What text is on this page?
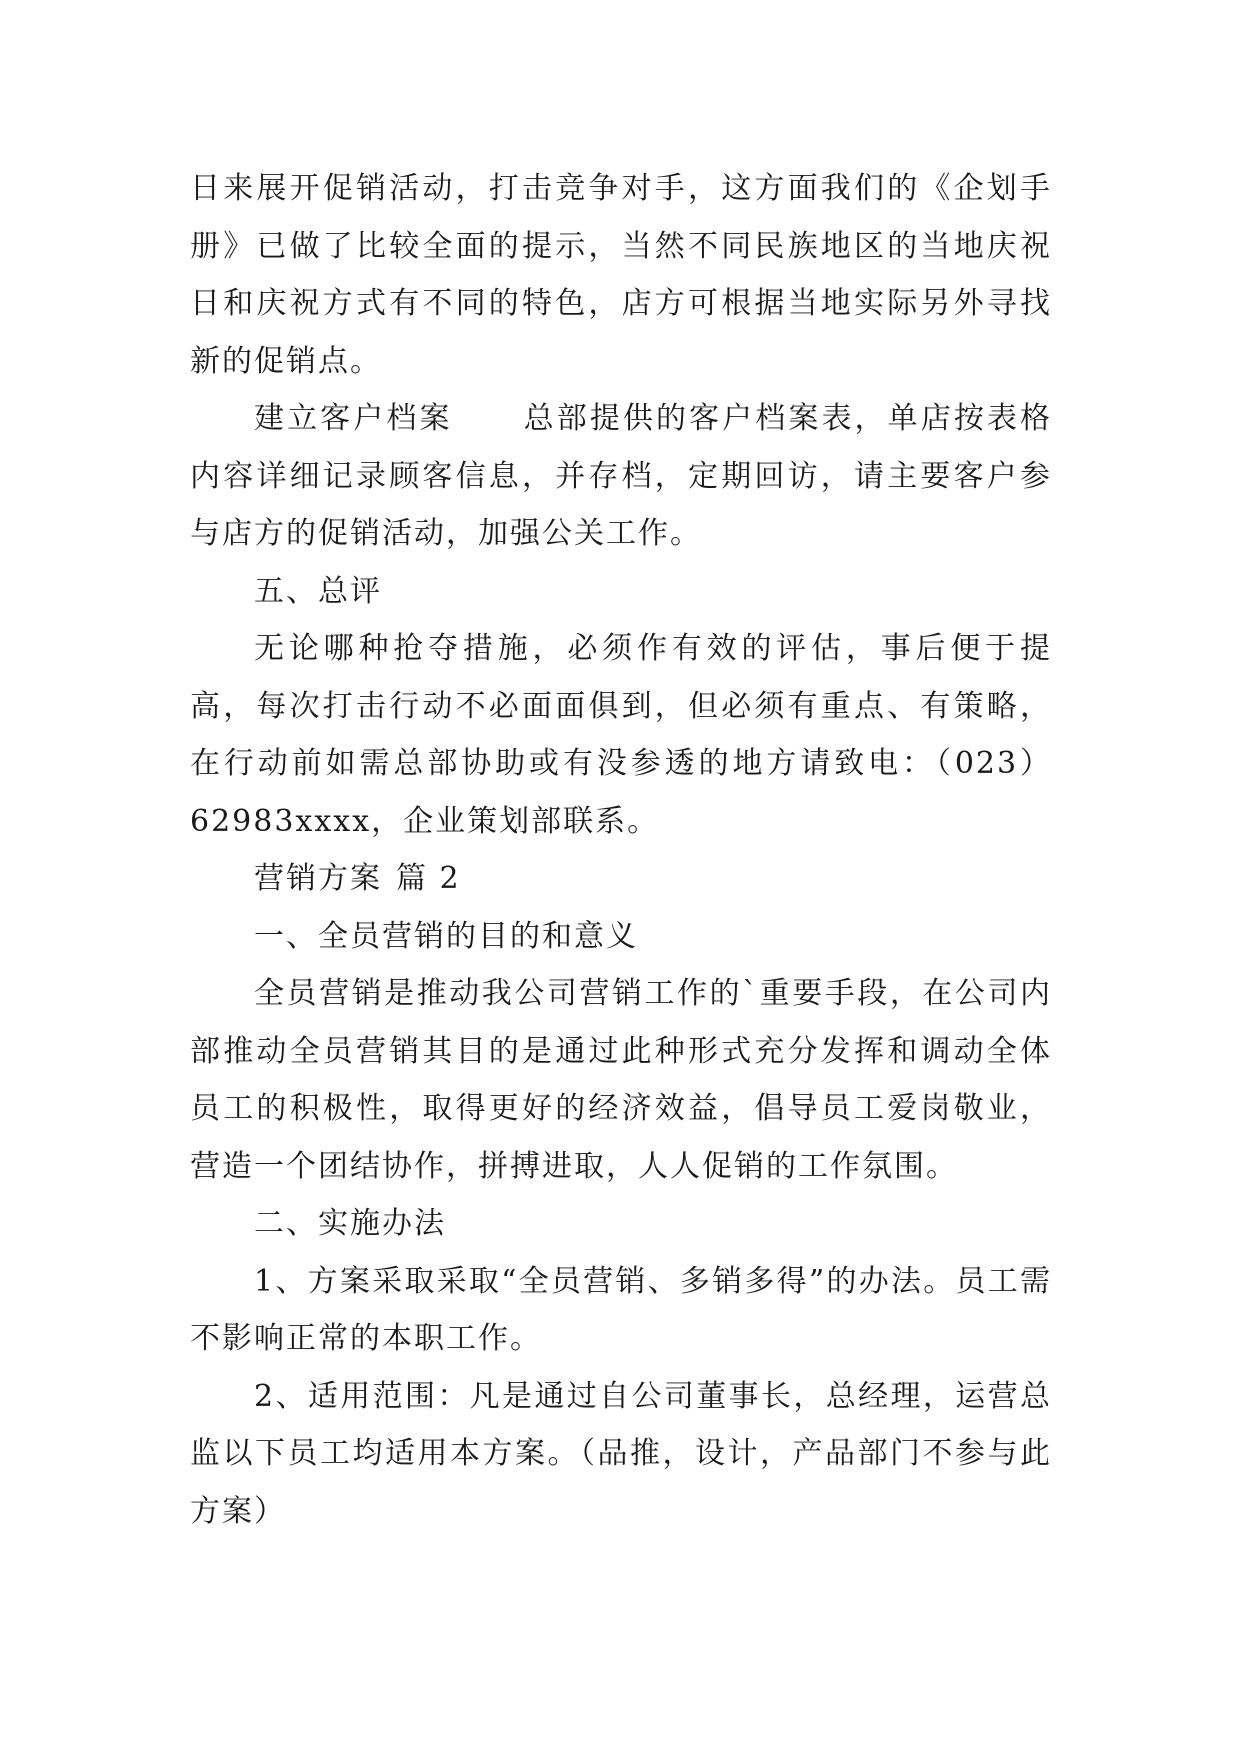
日来展开促销活动，打击竞争对手，这方面我们的《企划手册》已做了比较全面的提示，当然不同民族地区的当地庆祝日和庆祝方式有不同的特色，店方可根据当地实际另外寻找新的促销点。

建立客户档案 总部提供的客户档案表，单店按表格内容详细记录顾客信息，并存档，定期回访，请主要客户参与店方的促销活动，加强公关工作。

五、总评

无论哪种抢夺措施，必须作有效的评估，事后便于提高，每次打击行动不必面面俱到，但必须有重点、有策略，在行动前如需总部协助或有没参透的地方请致电：（023）62983xxxx，企业策划部联系。

营销方案 篇 2

一、全员营销的目的和意义

全员营销是推动我公司营销工作的`重要手段，在公司内部推动全员营销其目的是通过此种形式充分发挥和调动全体员工的积极性，取得更好的经济效益，倡导员工爱岗敬业，营造一个团结协作，拼搏进取，人人促销的工作氛围。

二、实施办法

1、方案采取采取“全员营销、多销多得”的办法。员工需不影响正常的本职工作。

2、适用范围：凡是通过自公司董事长，总经理，运营总监以下员工均适用本方案。（品推，设计，产品部门不参与此方案）
